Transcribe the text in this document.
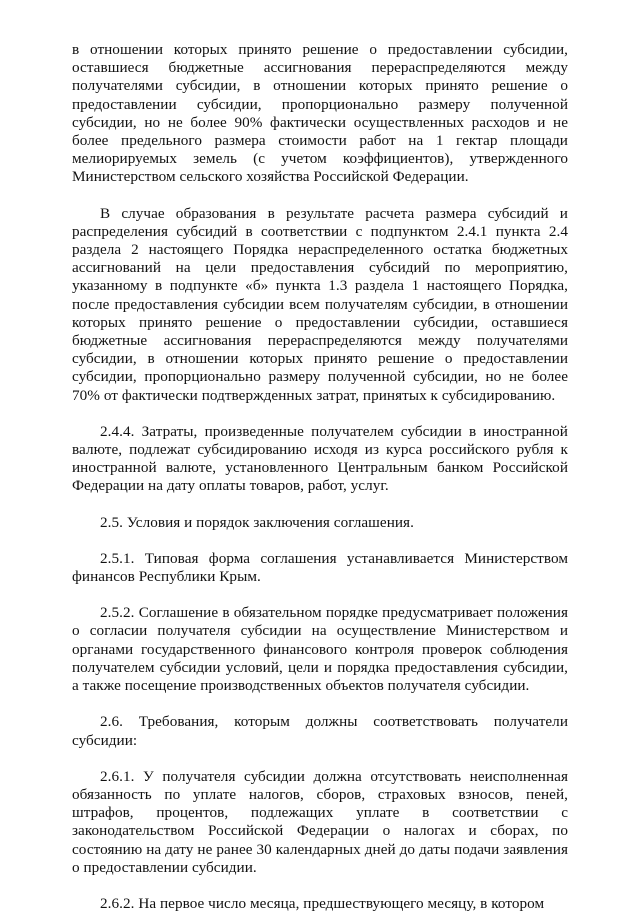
в отношении которых принято решение о предоставлении субсидии, оставшиеся бюджетные ассигнования перераспределяются между получателями субсидии, в отношении которых принято решение о предоставлении субсидии, пропорционально размеру полученной субсидии, но не более 90% фактически осуществленных расходов и не более предельного размера стоимости работ на 1 гектар площади мелиорируемых земель (с учетом коэффициентов), утвержденного Министерством сельского хозяйства Российской Федерации.

В случае образования в результате расчета размера субсидий и распределения субсидий в соответствии с подпунктом 2.4.1 пункта 2.4 раздела 2 настоящего Порядка нераспределенного остатка бюджетных ассигнований на цели предоставления субсидий по мероприятию, указанному в подпункте «б» пункта 1.3 раздела 1 настоящего Порядка, после предоставления субсидии всем получателям субсидии, в отношении которых принято решение о предоставлении субсидии, оставшиеся бюджетные ассигнования перераспределяются между получателями субсидии, в отношении которых принято решение о предоставлении субсидии, пропорционально размеру полученной субсидии, но не более 70% от фактически подтвержденных затрат, принятых к субсидированию.

2.4.4. Затраты, произведенные получателем субсидии в иностранной валюте, подлежат субсидированию исходя из курса российского рубля к иностранной валюте, установленного Центральным банком Российской Федерации на дату оплаты товаров, работ, услуг.

2.5. Условия и порядок заключения соглашения.

2.5.1. Типовая форма соглашения устанавливается Министерством финансов Республики Крым.

2.5.2. Соглашение в обязательном порядке предусматривает положения о согласии получателя субсидии на осуществление Министерством и органами государственного финансового контроля проверок соблюдения получателем субсидии условий, цели и порядка предоставления субсидии, а также посещение производственных объектов получателя субсидии.

2.6. Требования, которым должны соответствовать получатели субсидии:

2.6.1. У получателя субсидии должна отсутствовать неисполненная обязанность по уплате налогов, сборов, страховых взносов, пеней, штрафов, процентов, подлежащих уплате в соответствии с законодательством Российской Федерации о налогах и сборах, по состоянию на дату не ранее 30 календарных дней до даты подачи заявления о предоставлении субсидии.

2.6.2. На первое число месяца, предшествующего месяцу, в котором
